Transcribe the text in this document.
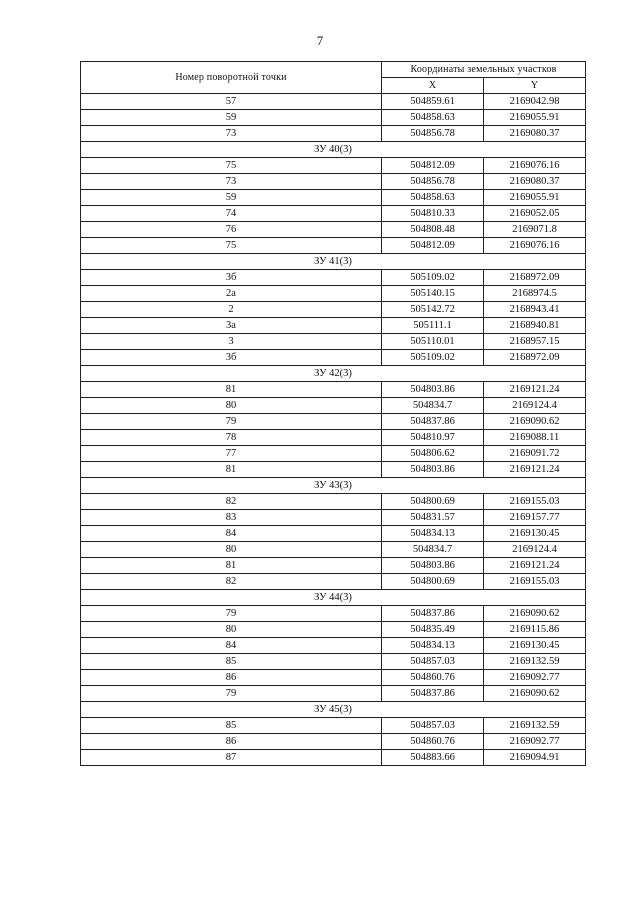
7
Номер поворотной точки	Координаты земельных участков	
	X	Y
57	504859.61	2169042.98
59	504858.63	2169055.91
73	504856.78	2169080.37
ЗУ 40(3)		
75	504812.09	2169076.16
73	504856.78	2169080.37
59	504858.63	2169055.91
74	504810.33	2169052.05
76	504808.48	2169071.8
75	504812.09	2169076.16
ЗУ 41(3)		
3б	505109.02	2168972.09
2а	505140.15	2168974.5
2	505142.72	2168943.41
3а	505111.1	2168940.81
3	505110.01	2168957.15
3б	505109.02	2168972.09
ЗУ 42(3)		
81	504803.86	2169121.24
80	504834.7	2169124.4
79	504837.86	2169090.62
78	504810.97	2169088.11
77	504806.62	2169091.72
81	504803.86	2169121.24
ЗУ 43(3)		
82	504800.69	2169155.03
83	504831.57	2169157.77
84	504834.13	2169130.45
80	504834.7	2169124.4
81	504803.86	2169121.24
82	504800.69	2169155.03
ЗУ 44(3)		
79	504837.86	2169090.62
80	504835.49	2169115.86
84	504834.13	2169130.45
85	504857.03	2169132.59
86	504860.76	2169092.77
79	504837.86	2169090.62
ЗУ 45(3)		
85	504857.03	2169132.59
86	504860.76	2169092.77
87	504883.66	2169094.91
